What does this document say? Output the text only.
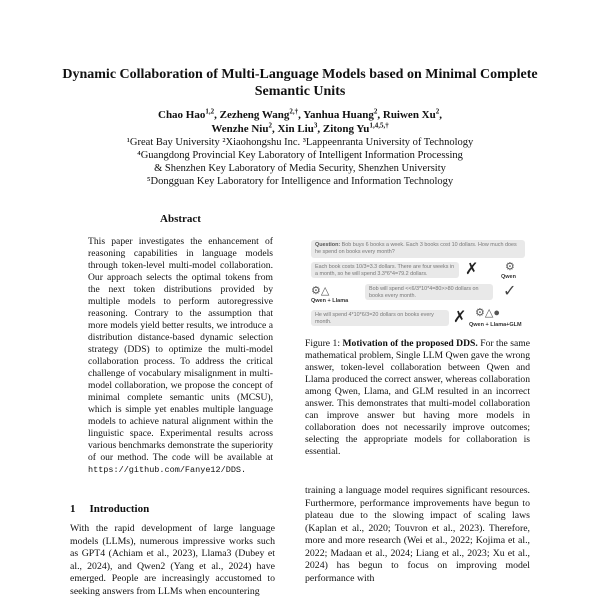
Dynamic Collaboration of Multi-Language Models based on Minimal Complete Semantic Units
Chao Hao$^{1,2}$, Zezheng Wang$^{2,\dagger}$, Yanhua Huang$^2$, Ruiwen Xu$^2$,
Wenzhe Niu$^2$, Xin Liu$^3$, Zitong $Yu^{1,4,5,\dagger}$
¹Great Bay University ²Xiaohongshu Inc. ³Lappeenranta University of Technology
⁴Guangdong Provincial Key Laboratory of Intelligent Information Processing
& Shenzhen Key Laboratory of Media Security, Shenzhen University
⁵Dongguan Key Laboratory for Intelligence and Information Technology
Abstract
This paper investigates the enhancement of reasoning capabilities in language models through token-level multi-model collaboration. Our approach selects the optimal tokens from the next token distributions provided by multiple models to perform autoregressive reasoning. Contrary to the assumption that more models yield better results, we introduce a distribution distance-based dynamic selection strategy (DDS) to optimize the multi-model collaboration process. To address the critical challenge of vocabulary misalignment in multi-model collaboration, we propose the concept of minimal complete semantic units (MCSU), which is simple yet enables multiple language models to achieve natural alignment within the linguistic space. Experimental results across various benchmarks demonstrate the superiority of our method. The code will be available at https://github.com/Fanye12/DDS.
Question: Bob buys 6 books a week. Each 3 books cost 10 dollars. How much does he spend on books every month?
Each book costs 10/3=3.3 dollars. There are four weeks in a month, so he will spend 3.3*6*4=79.2 dollars.	✗ ⚙
Qwen
⚙△
Qwen + Llama
Bob will spend <<6/3*10*4=80>>80 dollars on books every month.	✓
He will spend 4*10*6/3=20 dollars on books every month.	✗ ⚙△●
Qwen + Llama+GLM
Figure 1: Motivation of the proposed DDS. For the same mathematical problem, Single LLM Qwen gave the wrong answer, token-level collaboration between Qwen and Llama produced the correct answer, whereas collaboration among Qwen, Llama, and GLM resulted in an incorrect answer. This demonstrates that multi-model collaboration can improve answer but having more models in collaboration does not necessarily improve outcomes; selecting the appropriate models for collaboration is essential.
1 Introduction
With the rapid development of large language models (LLMs), numerous impressive works such as GPT4 (Achiam et al., 2023), Llama3 (Dubey et al., 2024), and Qwen2 (Yang et al., 2024) have emerged. People are increasingly accustomed to seeking answers from LLMs when encountering
training a language model requires significant resources. Furthermore, performance improvements have begun to plateau due to the slowing impact of scaling laws (Kaplan et al., 2020; Touvron et al., 2023). Therefore, more and more research (Wei et al., 2022; Kojima et al., 2022; Madaan et al., 2024; Liang et al., 2023; Xu et al., 2024) has begun to focus on improving model performance with
